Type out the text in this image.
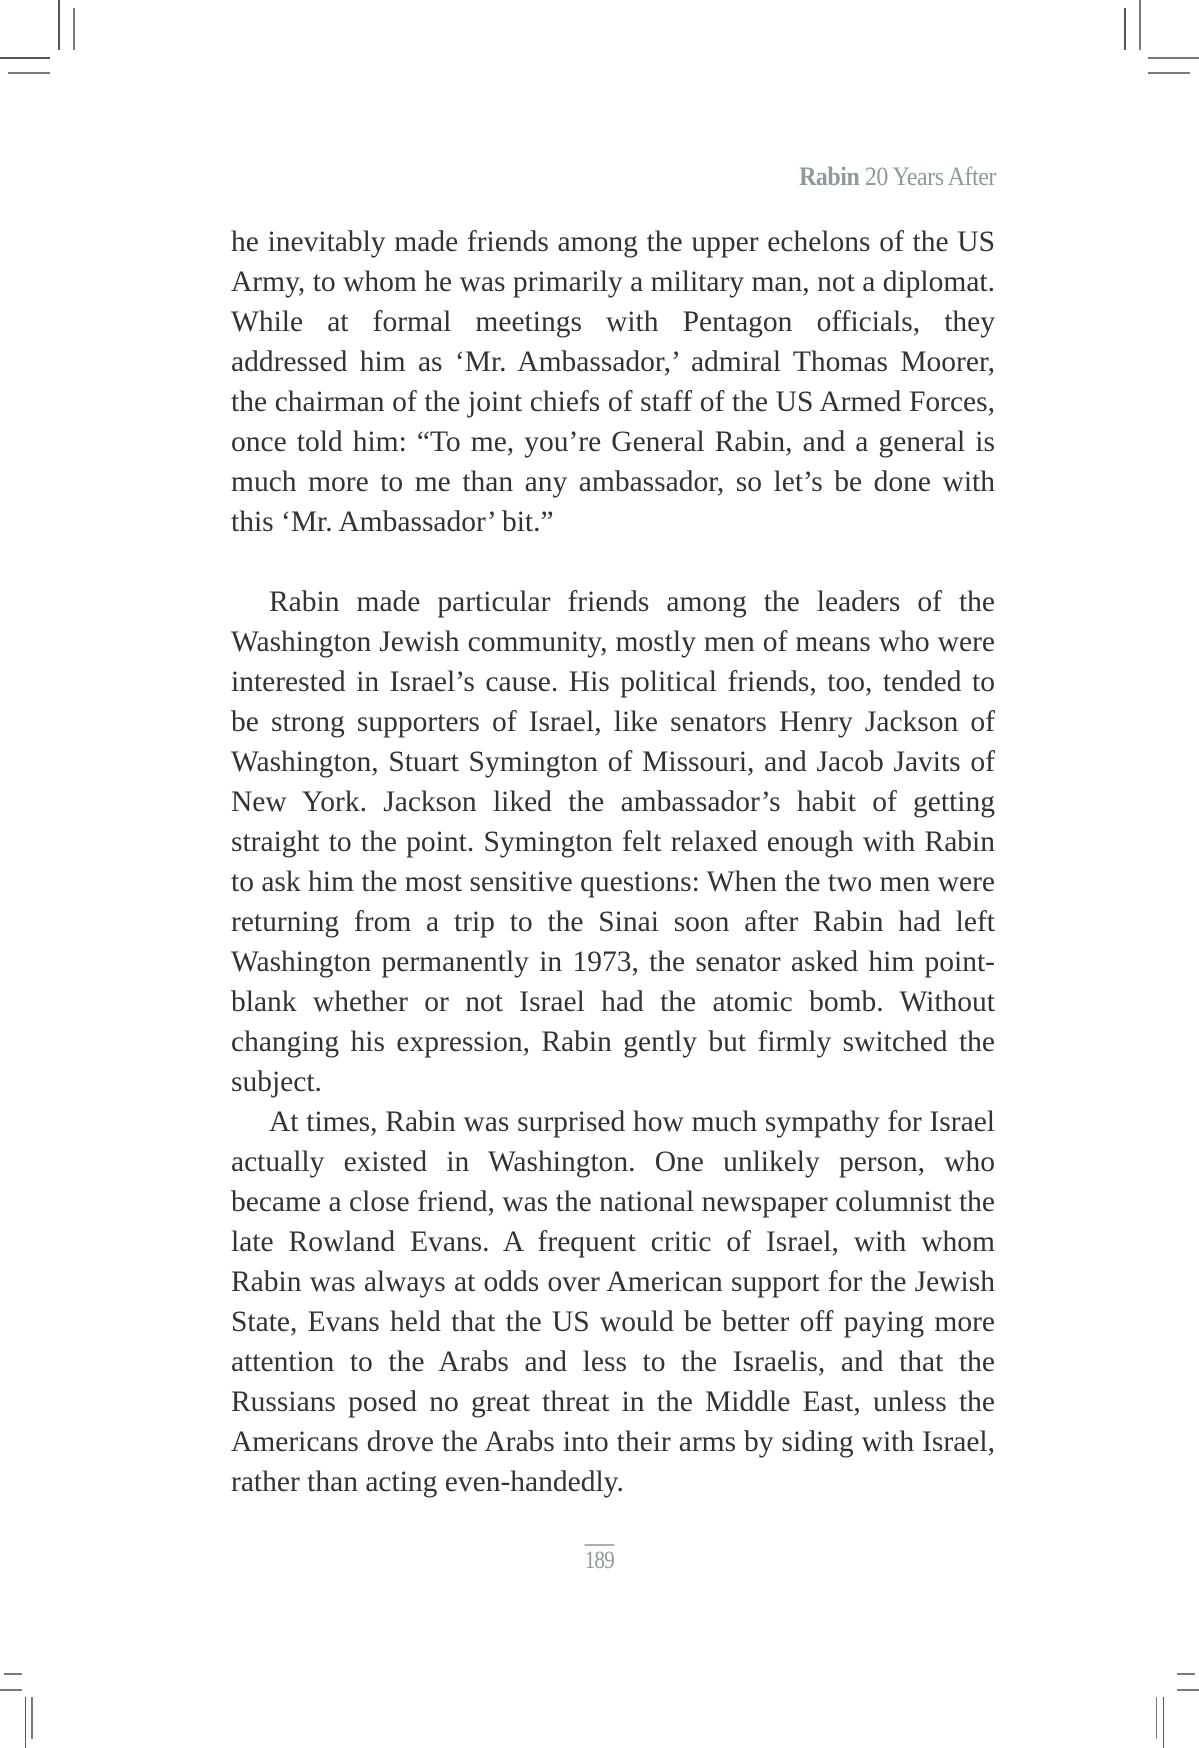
Rabin 20 Years After

he inevitably made friends among the upper echelons of the US Army, to whom he was primarily a military man, not a diplomat. While at formal meetings with Pentagon officials, they addressed him as ‘Mr. Ambassador,’ admiral Thomas Moorer, the chairman of the joint chiefs of staff of the US Armed Forces, once told him: “To me, you’re General Rabin, and a general is much more to me than any ambassador, so let’s be done with this ‘Mr. Ambassador’ bit.”

Rabin made particular friends among the leaders of the Washington Jewish community, mostly men of means who were interested in Israel’s cause. His political friends, too, tended to be strong supporters of Israel, like senators Henry Jackson of Washington, Stuart Symington of Missouri, and Jacob Javits of New York. Jackson liked the ambassador’s habit of getting straight to the point. Symington felt relaxed enough with Rabin to ask him the most sensitive questions: When the two men were returning from a trip to the Sinai soon after Rabin had left Washington permanently in 1973, the senator asked him point-blank whether or not Israel had the atomic bomb. Without changing his expression, Rabin gently but firmly switched the subject.

At times, Rabin was surprised how much sympathy for Israel actually existed in Washington. One unlikely person, who became a close friend, was the national newspaper columnist the late Rowland Evans. A frequent critic of Israel, with whom Rabin was always at odds over American support for the Jewish State, Evans held that the US would be better off paying more attention to the Arabs and less to the Israelis, and that the Russians posed no great threat in the Middle East, unless the Americans drove the Arabs into their arms by siding with Israel, rather than acting even-handedly.

189
